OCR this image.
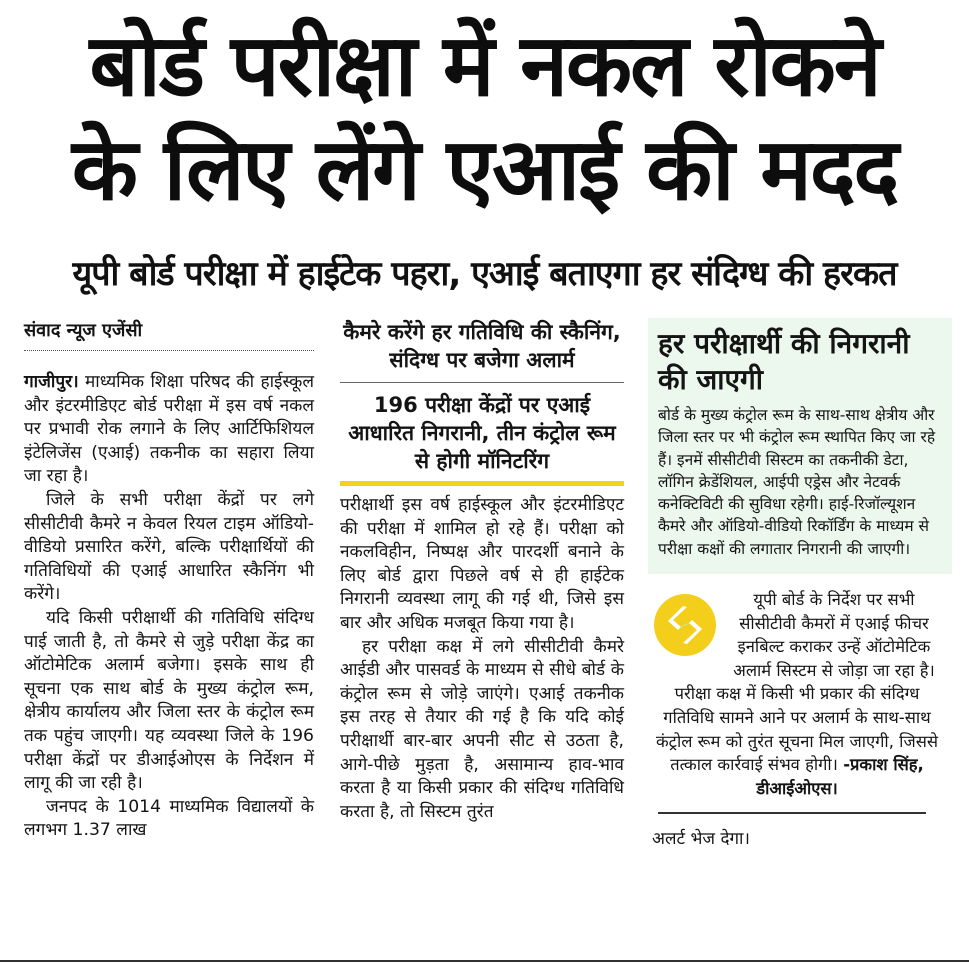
बोर्ड परीक्षा में नकल रोकने
के लिए लेंगे एआई की मदद
यूपी बोर्ड परीक्षा में हाईटेक पहरा, एआई बताएगा हर संदिग्ध की हरकत
संवाद न्यूज एजेंसी

गाजीपुर। माध्यमिक शिक्षा परिषद की हाईस्कूल और इंटरमीडिएट बोर्ड परीक्षा में इस वर्ष नकल पर प्रभावी रोक लगाने के लिए आर्टिफिशियल इंटेलिजेंस (एआई) तकनीक का सहारा लिया जा रहा है।

जिले के सभी परीक्षा केंद्रों पर लगे सीसीटीवी कैमरे न केवल रियल टाइम ऑडियो-वीडियो प्रसारित करेंगे, बल्कि परीक्षार्थियों की गतिविधियों की एआई आधारित स्कैनिंग भी करेंगे।

यदि किसी परीक्षार्थी की गतिविधि संदिग्ध पाई जाती है, तो कैमरे से जुड़े परीक्षा केंद्र का ऑटोमेटिक अलार्म बजेगा। इसके साथ ही सूचना एक साथ बोर्ड के मुख्य कंट्रोल रूम, क्षेत्रीय कार्यालय और जिला स्तर के कंट्रोल रूम तक पहुंच जाएगी। यह व्यवस्था जिले के 196 परीक्षा केंद्रों पर डीआईओएस के निर्देशन में लागू की जा रही है।

जनपद के 1014 माध्यमिक विद्यालयों के लगभग 1.37 लाख

कैमरे करेंगे हर गतिविधि की स्कैनिंग, संदिग्ध पर बजेगा अलार्म
196 परीक्षा केंद्रों पर एआई आधारित निगरानी, तीन कंट्रोल रूम से होगी मॉनिटरिंग

परीक्षार्थी इस वर्ष हाईस्कूल और इंटरमीडिएट की परीक्षा में शामिल हो रहे हैं। परीक्षा को नकलविहीन, निष्पक्ष और पारदर्शी बनाने के लिए बोर्ड द्वारा पिछले वर्ष से ही हाईटेक निगरानी व्यवस्था लागू की गई थी, जिसे इस बार और अधिक मजबूत किया गया है।

हर परीक्षा कक्ष में लगे सीसीटीवी कैमरे आईडी और पासवर्ड के माध्यम से सीधे बोर्ड के कंट्रोल रूम से जोड़े जाएंगे। एआई तकनीक इस तरह से तैयार की गई है कि यदि कोई परीक्षार्थी बार-बार अपनी सीट से उठता है, आगे-पीछे मुड़ता है, असामान्य हाव-भाव करता है या किसी प्रकार की संदिग्ध गतिविधि करता है, तो सिस्टम तुरंत

हर परीक्षार्थी की निगरानी की जाएगी
बोर्ड के मुख्य कंट्रोल रूम के साथ-साथ क्षेत्रीय और जिला स्तर पर भी कंट्रोल रूम स्थापित किए जा रहे हैं। इनमें सीसीटीवी सिस्टम का तकनीकी डेटा, लॉगिन क्रेडेंशियल, आईपी एड्रेस और नेटवर्क कनेक्टिविटी की सुविधा रहेगी। हाई-रिजॉल्यूशन कैमरे और ऑडियो-वीडियो रिकॉर्डिंग के माध्यम से परीक्षा कक्षों की लगातार निगरानी की जाएगी।
यूपी बोर्ड के निर्देश पर सभी सीसीटीवी कैमरों में एआई फीचर इनबिल्ट कराकर उन्हें ऑटोमेटिक अलार्म सिस्टम से जोड़ा जा रहा है। परीक्षा कक्ष में किसी भी प्रकार की संदिग्ध गतिविधि सामने आने पर अलार्म के साथ-साथ कंट्रोल रूम को तुरंत सूचना मिल जाएगी, जिससे तत्काल कार्रवाई संभव होगी। -प्रकाश सिंह, डीआईओएस।

अलर्ट भेज देगा।
